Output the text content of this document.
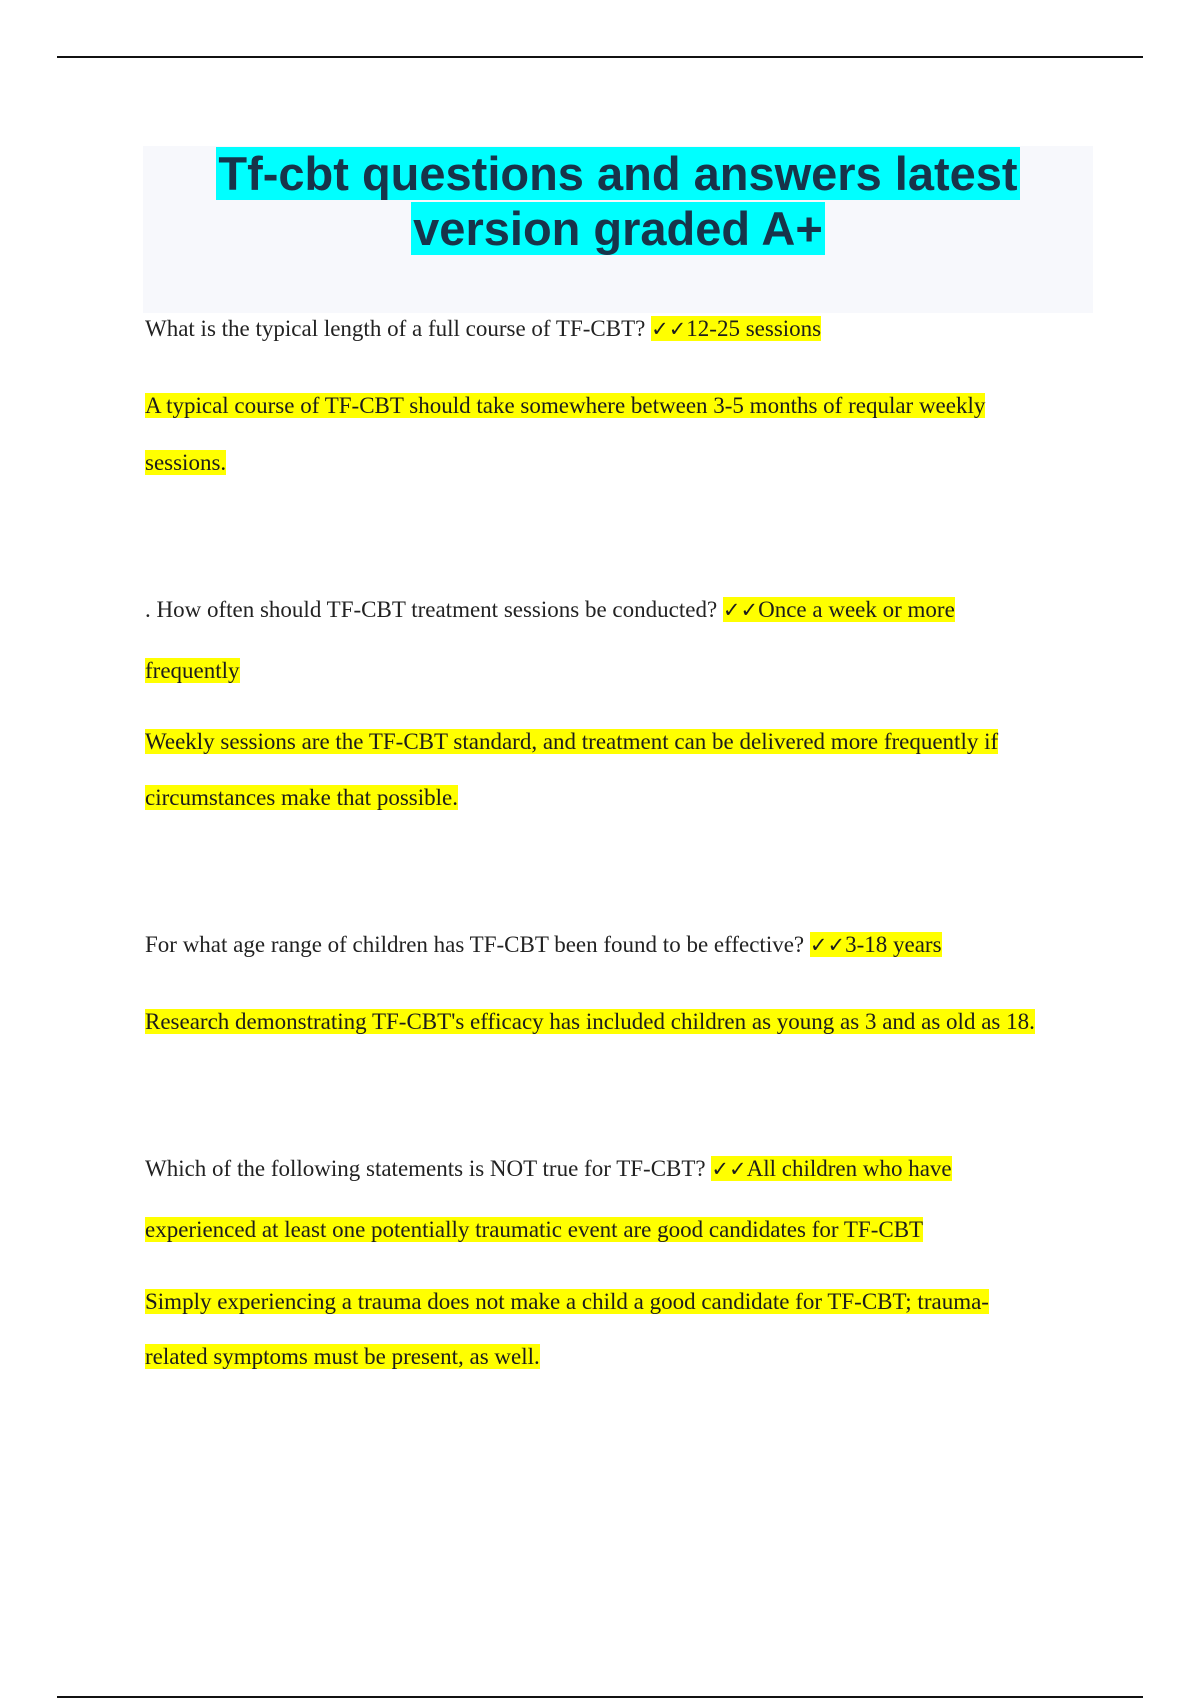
Tf-cbt questions and answers latest
version graded A+

What is the typical length of a full course of TF-CBT? ✓✓12-25 sessions

A typical course of TF-CBT should take somewhere between 3-5 months of reqular weekly

sessions.

. How often should TF-CBT treatment sessions be conducted? ✓✓Once a week or more

frequently

Weekly sessions are the TF-CBT standard, and treatment can be delivered more frequently if

circumstances make that possible.

For what age range of children has TF-CBT been found to be effective? ✓✓3-18 years

Research demonstrating TF-CBT's efficacy has included children as young as 3 and as old as 18.

Which of the following statements is NOT true for TF-CBT? ✓✓All children who have

experienced at least one potentially traumatic event are good candidates for TF-CBT

Simply experiencing a trauma does not make a child a good candidate for TF-CBT; trauma-

related symptoms must be present, as well.
